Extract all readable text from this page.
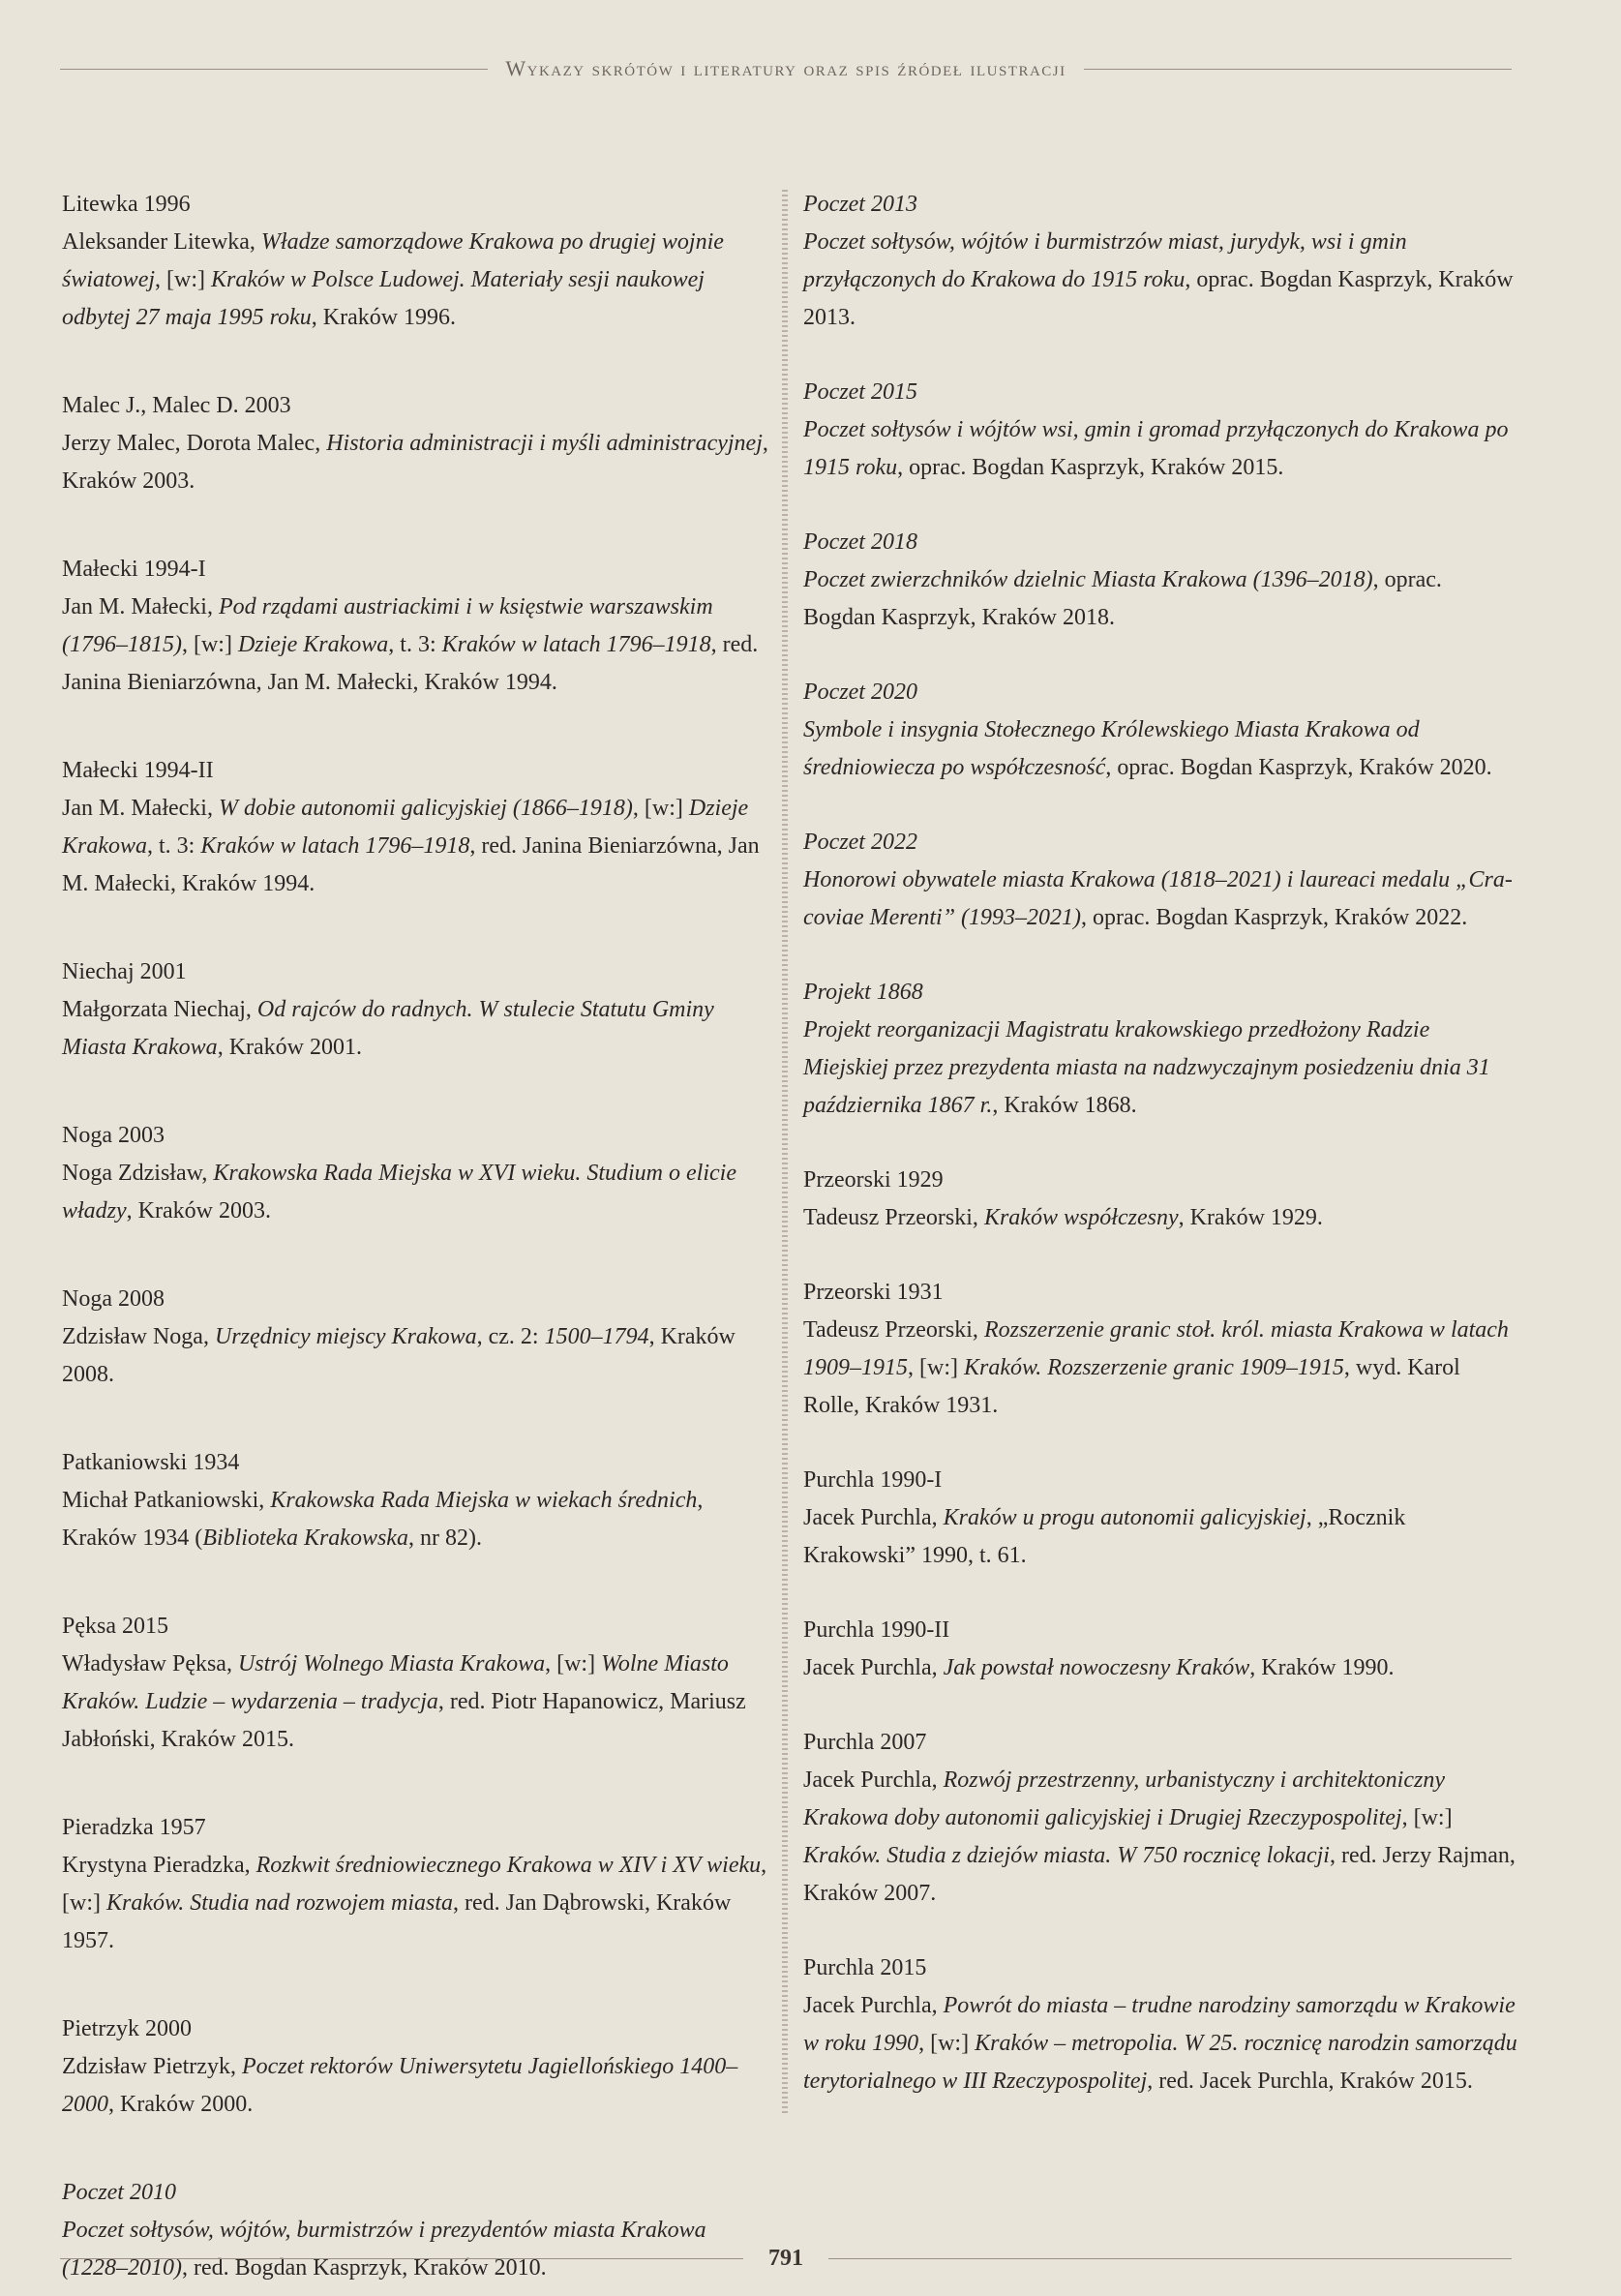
Wykazy skrótów i literatury oraz spis źródeł ilustracji

Litewka 1996

Aleksander Litewka, Władze samorządowe Krakowa po drugiej wojnie światowej, [w:] Kraków w Polsce Ludowej. Materiały sesji naukowej odbytej 27 maja 1995 roku, Kraków 1996.

Malec J., Malec D. 2003

Jerzy Malec, Dorota Malec, Historia administracji i myśli administracyjnej, Kraków 2003.

Małecki 1994-I

Jan M. Małecki, Pod rządami austriackimi i w księstwie warszawskim (1796–1815), [w:] Dzieje Krakowa, t. 3: Kraków w latach 1796–1918, red. Janina Bieniarzówna, Jan M. Małecki, Kraków 1994.

Małecki 1994-II

Jan M. Małecki, W dobie autonomii galicyjskiej (1866–1918), [w:] Dzieje Krakowa, t. 3: Kraków w latach 1796–1918, red. Janina Bieniarzówna, Jan M. Małecki, Kraków 1994.

Niechaj 2001

Małgorzata Niechaj, Od rajców do radnych. W stulecie Statutu Gminy Miasta Krakowa, Kraków 2001.

Noga 2003

Noga Zdzisław, Krakowska Rada Miejska w XVI wieku. Studium o elicie władzy, Kraków 2003.

Noga 2008

Zdzisław Noga, Urzędnicy miejscy Krakowa, cz. 2: 1500–1794, Kraków 2008.

Patkaniowski 1934

Michał Patkaniowski, Krakowska Rada Miejska w wiekach średnich, Kraków 1934 (Biblioteka Krakowska, nr 82).

Pęksa 2015

Władysław Pęksa, Ustrój Wolnego Miasta Krakowa, [w:] Wolne Miasto Kraków. Ludzie – wydarzenia – tradycja, red. Piotr Hapanowicz, Mariusz Jabłoński, Kraków 2015.

Pieradzka 1957

Krystyna Pieradzka, Rozkwit średniowiecznego Krakowa w XIV i XV wieku, [w:] Kraków. Studia nad rozwojem miasta, red. Jan Dąbrowski, Kraków 1957.

Pietrzyk 2000

Zdzisław Pietrzyk, Poczet rektorów Uniwersytetu Jagiellońskiego 1400–2000, Kraków 2000.

Poczet 2010

Poczet sołtysów, wójtów, burmistrzów i prezydentów miasta Krakowa (1228–2010), red. Bogdan Kasprzyk, Kraków 2010.

Poczet 2013

Poczet sołtysów, wójtów i burmistrzów miast, jurydyk, wsi i gmin przyłączonych do Krakowa do 1915 roku, oprac. Bogdan Kasprzyk, Kraków 2013.

Poczet 2015

Poczet sołtysów i wójtów wsi, gmin i gromad przyłączonych do Krakowa po 1915 roku, oprac. Bogdan Kasprzyk, Kraków 2015.

Poczet 2018

Poczet zwierzchników dzielnic Miasta Krakowa (1396–2018), oprac. Bogdan Kasprzyk, Kraków 2018.

Poczet 2020

Symbole i insygnia Stołecznego Królewskiego Miasta Krakowa od średniowiecza po współczesność, oprac. Bogdan Kasprzyk, Kraków 2020.

Poczet 2022

Honorowi obywatele miasta Krakowa (1818–2021) i laureaci medalu „Cracoviae Merenti” (1993–2021), oprac. Bogdan Kasprzyk, Kraków 2022.

Projekt 1868

Projekt reorganizacji Magistratu krakowskiego przedłożony Radzie Miejskiej przez prezydenta miasta na nadzwyczajnym posiedzeniu dnia 31 października 1867 r., Kraków 1868.

Przeorski 1929

Tadeusz Przeorski, Kraków współczesny, Kraków 1929.

Przeorski 1931

Tadeusz Przeorski, Rozszerzenie granic stoł. król. miasta Krakowa w latach 1909–1915, [w:] Kraków. Rozszerzenie granic 1909–1915, wyd. Karol Rolle, Kraków 1931.

Purchla 1990-I

Jacek Purchla, Kraków u progu autonomii galicyjskiej, „Rocznik Krakowski” 1990, t. 61.

Purchla 1990-II

Jacek Purchla, Jak powstał nowoczesny Kraków, Kraków 1990.

Purchla 2007

Jacek Purchla, Rozwój przestrzenny, urbanistyczny i architektoniczny Krakowa doby autonomii galicyjskiej i Drugiej Rzeczypospolitej, [w:] Kraków. Studia z dziejów miasta. W 750 rocznicę lokacji, red. Jerzy Rajman, Kraków 2007.

Purchla 2015

Jacek Purchla, Powrót do miasta – trudne narodziny samorządu w Krakowie w roku 1990, [w:] Kraków – metropolia. W 25. rocznicę narodzin samorządu terytorialnego w III Rzeczypospolitej, red. Jacek Purchla, Kraków 2015.

791
